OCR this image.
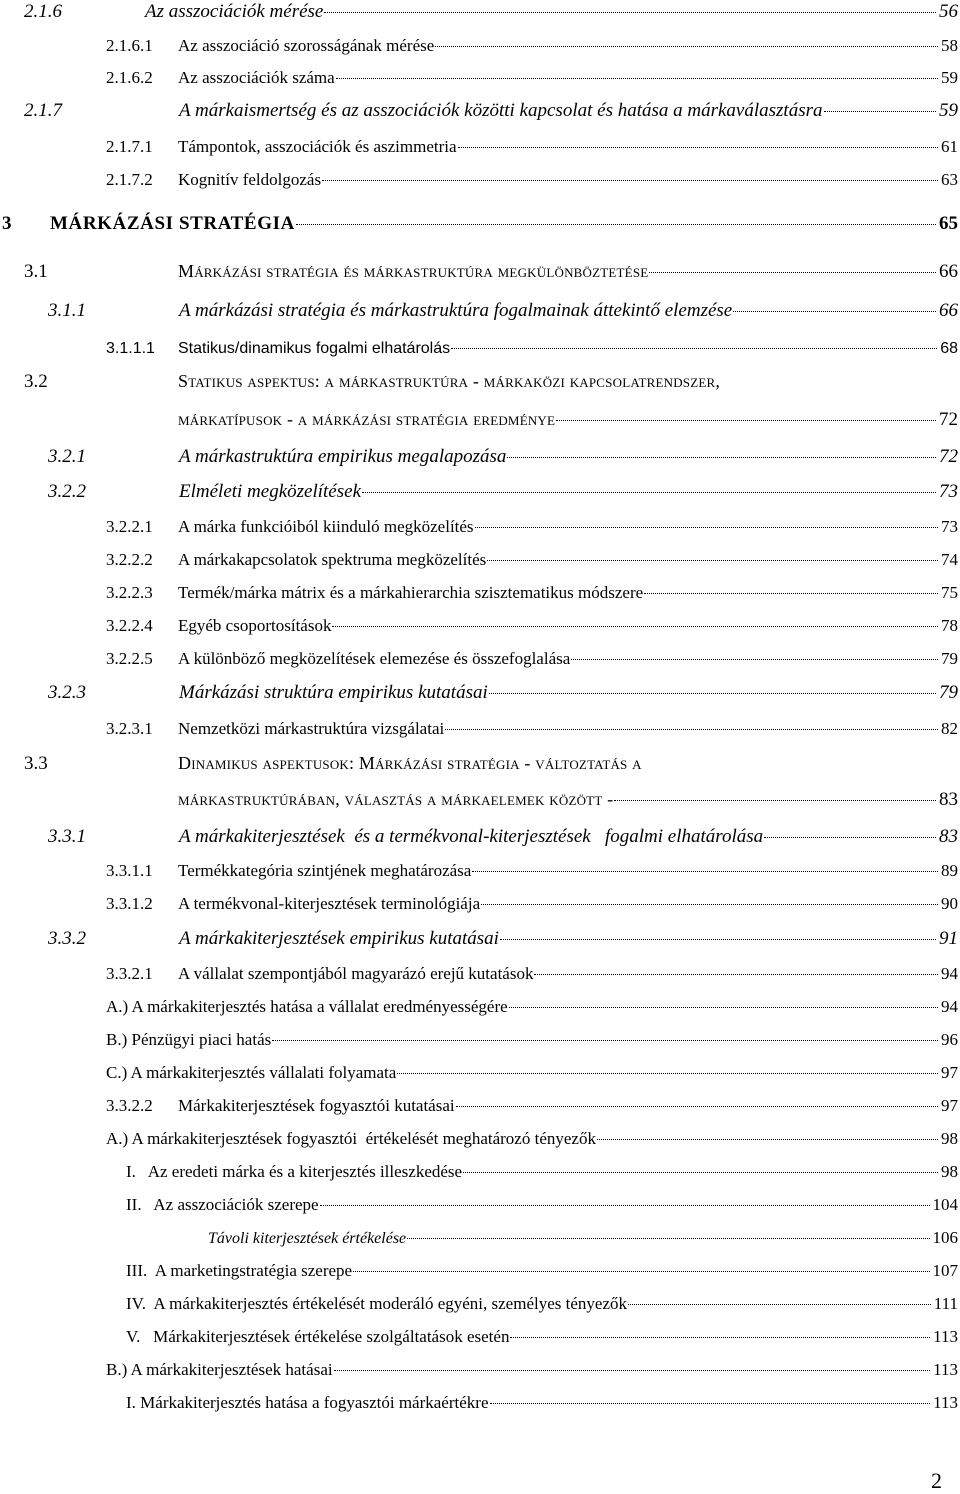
2.1.6	Az asszociációk mérése	56
2.1.6.1	Az asszociáció szorosságának mérése	58
2.1.6.2	Az asszociációk száma	59
2.1.7	A márkaismertség és az asszociációk közötti kapcsolat és hatása a márkaválasztásra	59
2.1.7.1	Támpontok, asszociációk és aszimmetria	61
2.1.7.2	Kognitív feldolgozás	63
3	MÁRKÁZÁSI STRATÉGIA	65
3.1	Márkázási stratégia és márkastruktúra megkülönböztetése	66
3.1.1	A márkázási stratégia és márkastruktúra fogalmainak áttekintő elemzése	66
3.1.1.1	Statikus/dinamikus fogalmi elhatárolás	68
3.2	Statikus aspektus: a márkastruktúra - márkaközi kapcsolatrendszer,
márkatípusok - a márkázási stratégia eredménye	72
3.2.1	A márkastruktúra empirikus megalapozása	72
3.2.2	Elméleti megközelítések	73
3.2.2.1	A márka funkcióiból kiinduló megközelítés	73
3.2.2.2	A márkakapcsolatok spektruma megközelítés	74
3.2.2.3	Termék/márka mátrix és a márkahierarchia szisztematikus módszere	75
3.2.2.4	Egyéb csoportosítások	78
3.2.2.5	A különböző megközelítések elemezése és összefoglalása	79
3.2.3	Márkázási struktúra empirikus kutatásai	79
3.2.3.1	Nemzetközi márkastruktúra vizsgálatai	82
3.3	Dinamikus aspektusok: Márkázási stratégia - változtatás a
márkastruktúrában, választás a márkaelemek között -	83
3.3.1	A márkakiterjesztések  és a termékvonal-kiterjesztések   fogalmi elhatárolása	83
3.3.1.1	Termékkategória szintjének meghatározása	89
3.3.1.2	A termékvonal-kiterjesztések terminológiája	90
3.3.2	A márkakiterjesztések empirikus kutatásai	91
3.3.2.1	A vállalat szempontjából magyarázó erejű kutatások	94
A.) A márkakiterjesztés hatása a vállalat eredményességére	94
B.) Pénzügyi piaci hatás	96
C.) A márkakiterjesztés vállalati folyamata	97
3.3.2.2	Márkakiterjesztések fogyasztói kutatásai	97
A.) A márkakiterjesztések fogyasztói  értékelését meghatározó tényezők	98
I.   Az eredeti márka és a kiterjesztés illeszkedése	98
II.   Az asszociációk szerepe	104
Távoli kiterjesztések értékelése	106
III.  A marketingstratégia szerepe	107
IV.  A márkakiterjesztés értékelését moderáló egyéni, személyes tényezők	111
V.   Márkakiterjesztések értékelése szolgáltatások esetén	113
B.) A márkakiterjesztések hatásai	113
I. Márkakiterjesztés hatása a fogyasztói márkaértékre	113
2
